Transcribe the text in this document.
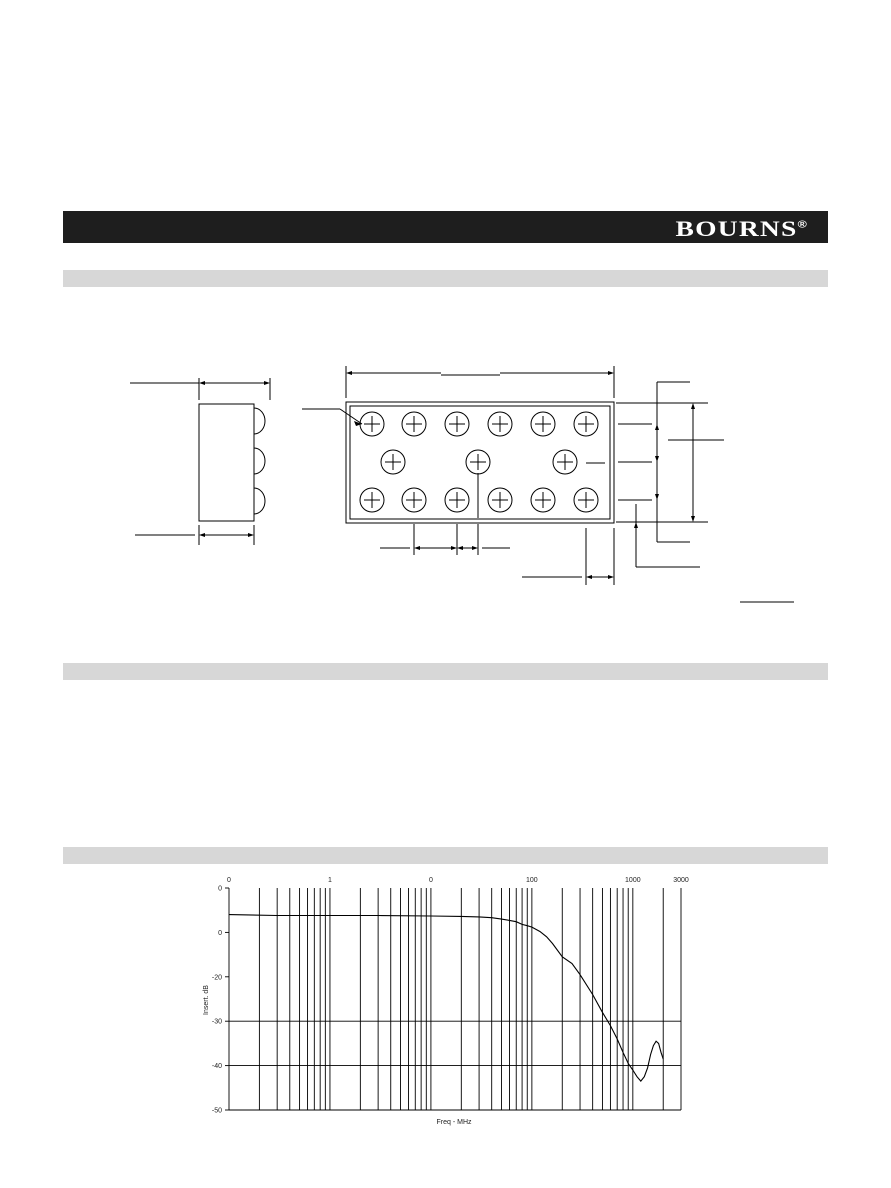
BOURNS®
0
0
-20
-30
-40
-50
0	1	0	100	1000	3000
Freq - MHz
Insert. dB
